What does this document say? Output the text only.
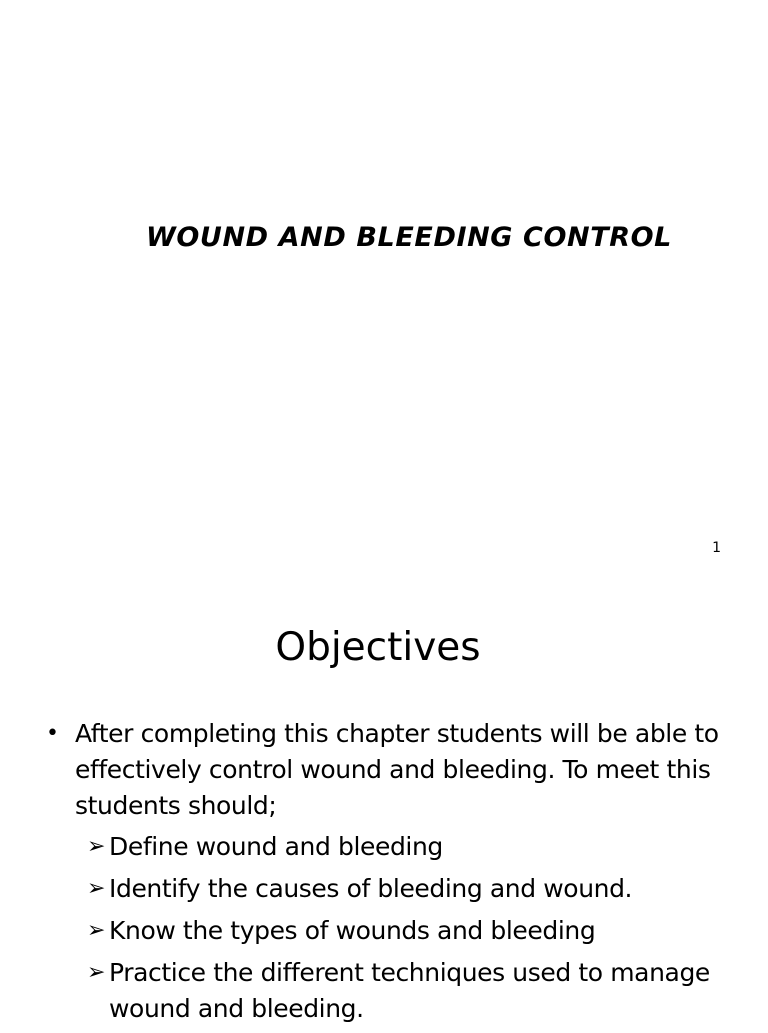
WOUND AND BLEEDING CONTROL
1
Objectives
• After completing this chapter students will be able to effectively control wound and bleeding. To meet this students should;
➢ Define wound and bleeding
➢ Identify the causes of bleeding and wound.
➢ Know the types of wounds and bleeding
➢ Practice the different techniques used to manage wound and bleeding.
